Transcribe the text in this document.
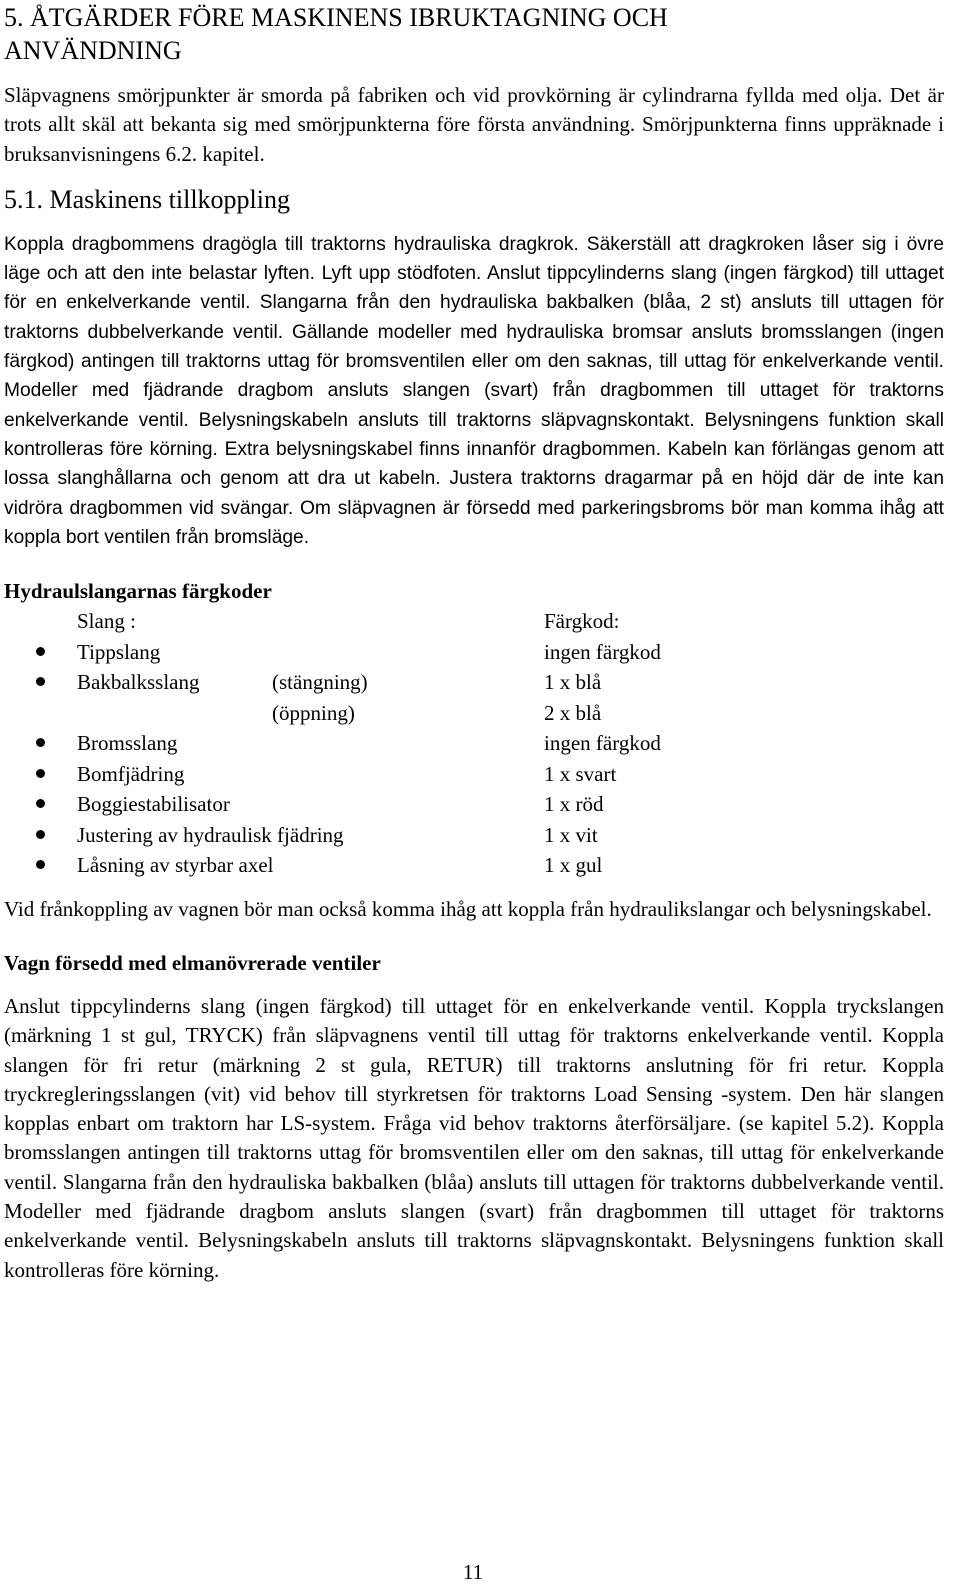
5. ÅTGÄRDER FÖRE MASKINENS IBRUKTAGNING OCH ANVÄNDNING

Släpvagnens smörjpunkter är smorda på fabriken och vid provkörning är cylindrarna fyllda med olja. Det är trots allt skäl att bekanta sig med smörjpunkterna före första användning. Smörjpunkterna finns uppräknade i bruksanvisningens 6.2. kapitel.

5.1. Maskinens tillkoppling

Koppla dragbommens dragögla till traktorns hydrauliska dragkrok. Säkerställ att dragkroken låser sig i övre läge och att den inte belastar lyften. Lyft upp stödfoten. Anslut tippcylinderns slang (ingen färgkod) till uttaget för en enkelverkande ventil. Slangarna från den hydrauliska bakbalken (blåa, 2 st) ansluts till uttagen för traktorns dubbelverkande ventil. Gällande modeller med hydrauliska bromsar ansluts bromsslangen (ingen färgkod) antingen till traktorns uttag för bromsventilen eller om den saknas, till uttag för enkelverkande ventil. Modeller med fjädrande dragbom ansluts slangen (svart) från dragbommen till uttaget för traktorns enkelverkande ventil. Belysningskabeln ansluts till traktorns släpvagnskontakt. Belysningens funktion skall kontrolleras före körning. Extra belysningskabel finns innanför dragbommen. Kabeln kan förlängas genom att lossa slanghållarna och genom att dra ut kabeln. Justera traktorns dragarmar på en höjd där de inte kan vidröra dragbommen vid svängar. Om släpvagnen är försedd med parkeringsbroms bör man komma ihåg att koppla bort ventilen från bromsläge.

Hydraulslangarnas färgkoder
Slang :	Färgkod:
Tippslang	ingen färgkod
Bakbalksslang	(stängning)	1 x blå
(öppning)	2 x blå
Bromsslang	ingen färgkod
Bomfjädring	1 x svart
Boggiestabilisator	1 x röd
Justering av hydraulisk fjädring	1 x vit
Låsning av styrbar axel	1 x gul

Vid frånkoppling av vagnen bör man också komma ihåg att koppla från hydraulikslangar och belysningskabel.

Vagn försedd med elmanövrerade ventiler

Anslut tippcylinderns slang (ingen färgkod) till uttaget för en enkelverkande ventil. Koppla tryckslangen (märkning 1 st gul, TRYCK) från släpvagnens ventil till uttag för traktorns enkelverkande ventil. Koppla slangen för fri retur (märkning 2 st gula, RETUR) till traktorns anslutning för fri retur. Koppla tryckregleringsslangen (vit) vid behov till styrkretsen för traktorns Load Sensing -system. Den här slangen kopplas enbart om traktorn har LS-system. Fråga vid behov traktorns återförsäljare. (se kapitel 5.2). Koppla bromsslangen antingen till traktorns uttag för bromsventilen eller om den saknas, till uttag för enkelverkande ventil. Slangarna från den hydrauliska bakbalken (blåa) ansluts till uttagen för traktorns dubbelverkande ventil. Modeller med fjädrande dragbom ansluts slangen (svart) från dragbommen till uttaget för traktorns enkelverkande ventil. Belysningskabeln ansluts till traktorns släpvagnskontakt. Belysningens funktion skall kontrolleras före körning.

11
